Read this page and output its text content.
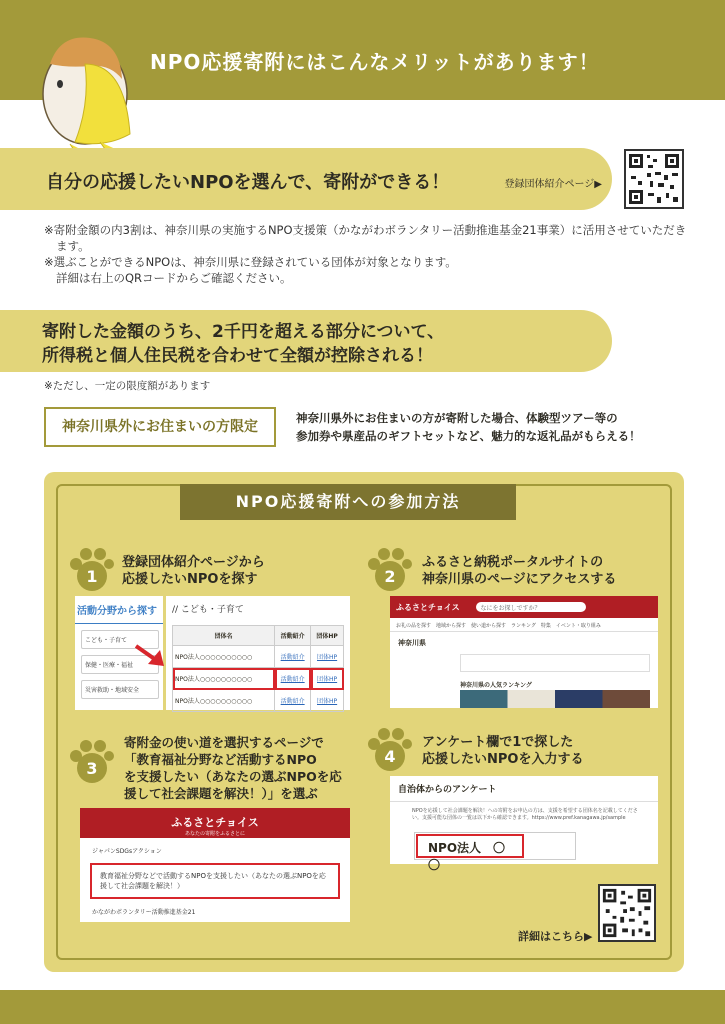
NPO応援寄附にはこんなメリットがあります！
自分の応援したいNPOを選んで、寄附ができる！	登録団体紹介ページ▶

※寄附金額の内3割は、神奈川県の実施するNPO支援策（かながわボランタリー活動推進基金21事業）に活用させていただきます。

※選ぶことができるNPOは、神奈川県に登録されている団体が対象となります。

詳細は右上のQRコードからご確認ください。

寄附した金額のうち、2千円を超える部分について、
所得税と個人住民税を合わせて全額が控除される！
※ただし、一定の限度額があります
神奈川県外にお住まいの方限定
神奈川県外にお住まいの方が寄附した場合、体験型ツアー等の
参加券や県産品のギフトセットなど、魅力的な返礼品がもらえる！
NPO応援寄附への参加方法
1
登録団体紹介ページから
応援したいNPOを探す
活動分野から探す
こども・子育て
保健・医療・福祉
災害救助・地域安全
// こども・子育て
団体名	活動紹介	団体HP
NPO法人○○○○○○○○○○	活動紹介	団体HP
NPO法人○○○○○○○○○○	活動紹介	団体HP
NPO法人○○○○○○○○○○	活動紹介	団体HP
2
ふるさと納税ポータルサイトの
神奈川県のページにアクセスする
ふるさとチョイス	なにをお探しですか？
お礼の品を探す　地域から探す　使い道から探す　ランキング　特集　イベント・取り組み
神奈川県
神奈川県の人気ランキング
3
寄附金の使い道を選択するページで
「教育福祉分野など活動するNPO
を支援したい（あなたの選ぶNPOを応
援して社会課題を解決！）」を選ぶ
ふるさとチョイス
あなたの寄附をふるさとに
ジャパンSDGsアクション
教育福祉分野などで活動するNPOを支援したい（あなたの選ぶNPOを応援して社会課題を解決！）
かながわボランタリー活動推進基金21
4
アンケート欄で1で探した
応援したいNPOを入力する
自治体からのアンケート
NPOを応援して社会課題を解決！への寄附をお申込の方は、支援を希望する団体名を記載してください。支援可能な団体の一覧は以下から確認できます。https://www.pref.kanagawa.jp/sample
NPO法人　〇〇
詳細はこちら▶
